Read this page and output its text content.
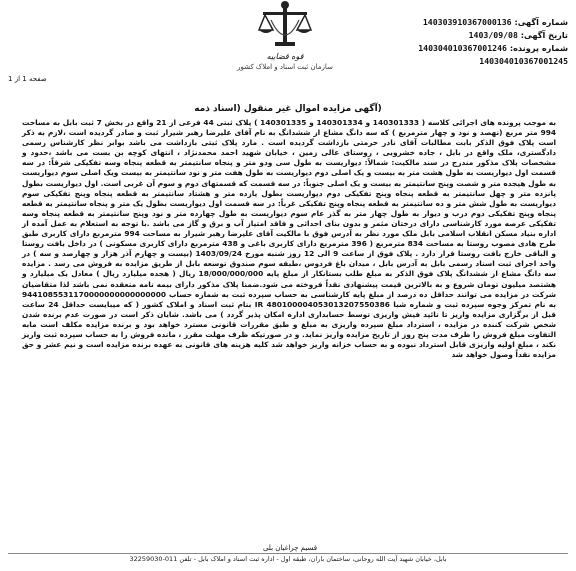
شماره آگهی: 140303910367000136
تاریخ آگهی: 1403/09/08
شماره پرونده: 140304010367001246
140304010367001245
قوه قضاییه
سازمان ثبت اسناد و املاک کشور
صفحه 1 از 1
(آگهی مزایده اموال غیر منقول (اسناد ذمه
به موجب پرونده های اجرائی کلاسه ( 140301333 و 140301334 و 140301335 ) پلاک ثبتی 44 فرعی از 21 واقع در بخش 7 ثبت بابل به مساحت 994 متر مربع (نهصد و نود و چهار مترمربع ) که سه دانگ مشاع از ششدانگ به نام آقای علیرضا رهبر شیرار ثبت و صادر گردیده است ،لازم به ذکر است پلاک فوق الذکر بابت مطالبات آقای نادر حرمتی بازداشت گردیده است . مارد پلاک ثبتی بازداشت می باشد بوابر نظر کارشناس رسمی دادگستری، ملک واقع در بابل ، جاده خشرویی ، روستای عالی زمین ، خیابان شهید احمد محمدنژاد ، انتهای کوچه بن بست می باشد ،حدود و مشخصات پلاک مذکور مندرج در سند مالکیت: شمالاً: دیواریست به طول سی ودو متر و پنجاه سانتیمتر به قطعه پنجاه وسه تفکیکی شرقاً: در سه قسمت اول دیواریست به طول هشت متر به بیست و یک اصلی دوم دیواریست به طول هفت متر و نود سانتیمتر به بیست ویک اصلی سوم دیواریست به طول هیجده متر و شصت وپنج سانتیمتر به بیست و یک اصلی جنوباً: در سه قسمت که قسمتهای دوم و سوم آن غربی است. اول دیواریست بطول پانزده متر و چهل سانتیمتر به قطعه پنجاه وپنج تفکیکی دوم دیواریست بطول یازده متر و هشتاد سانتیمتر به قطعه پنجاه وپنج تفکیکی سوم دیواریست به طول شش متر و ده سانتیمتر به قطعه پنجاه وپنج تفکیکی غرباً: در سه قسمت اول دیواریست بطول یک متر و پنجاه سانتیمتر به قطعه پنجاه وپنج تفکیکی دوم درب و دیوار به طول چهار متر به گذر عام سوم دیواریست به طول چهارده متر و نود وپنج سانتیمتر به قطعه پنجاه وسه تفکیکی عرصه مورد کارشناسی دارای درختان مثمر و بدون بنای احداثی و فاقد امتیاز آب و برق و گاز می باشد .با توجه به استعلام به عمل آمده از اداره بنیاد مسکن انقلاب اسلامی بابل ملک مورد نظر به آدرس فوق با مالکیت آقای علیرضا رهبر شیرار به مساحت 994 مترمربع دارای کاربری طبق طرح هادی مصوب روستا به مساحت 834 مترمربع ( 396 مترمربع دارای کاربری باغی و 438 مترمربع دارای کاربری مسکونی ) در داخل بافت روستا و الباقی خارج بافت روستا قرار دارد . پلاک فوق از ساعت 9 الی 12 روز شنبه مورخ 1403/09/24 (بیست و چهارم آذر هزار و چهارصد و سه ) در واحد اجرای ثبت اسناد رسمی بابل به آدرس بابل ، میدان باغ فردوس ،طبقه سوم صندوق توسعه بابل از طریق مزایده به فروش می رسد . مزایده سه دانگ مشاع از ششدانگ پلاک فوق الذکر به مبلغ طلب بستانکار از مبلغ پایه 18/000/000/000 ریال ( هجده میلیارد ریال ) معادل یک میلیارد و هشتصد میلیون تومان شروع و به بالاترین قیمت پیشنهادی نقداً فروخته می شود.ضمنا پلاک مذکور دارای بیمه نامه منعقده نمی باشد لذا متقاضیان شرکت در مزایده می توانند حداقل ده درصد از مبلغ پایه کارشناسی به حساب سپرده ثبت به شماره حساب 9441085531170000000000000000 به نام تمرکز وجوه سپرده ثبت و شماره شبا IR 480100004053013207550386 بنام ثبت اسناد و املاک کشور ( که میبایست حداقل 24 ساعت قبل از برگزاری مزایده واریز تا تائید فیش واریزی توسط حسابداری اداره امکان پذیر گردد ) می باشد. شایان ذکر است در صورت عدم برنده شدن شخص شرکت کننده در مزایده ، استرداد مبلغ سپرده واریزی به مبلغ و طبق مقررات قانونی مسترد خواهد بود و برنده مزایده مکلف است مابه التفاوت مبلغ فروش را ظرف مدت پنج روز از تاریخ مزایده واریز نماید. و در صورتیکه ظرف مهلت مقرر ، مانده فروش را به حساب سپرده ثبت واریز نکند ، مبلغ اولیه واریزی قابل استرداد نبوده و به حساب خزانه واریز خواهد شد کلیه هزینه های قانونی به عهده برنده مزایده است و نیم عشر و حق مزایده نقداً وصول خواهد شد
قسیم چراغیان بلی
بابل، خیابان شهید آیت الله روحانی، ساختمان باران، طبقه اول - اداره ثبت اسناد و املاک بابل - تلفن 011-32259030
